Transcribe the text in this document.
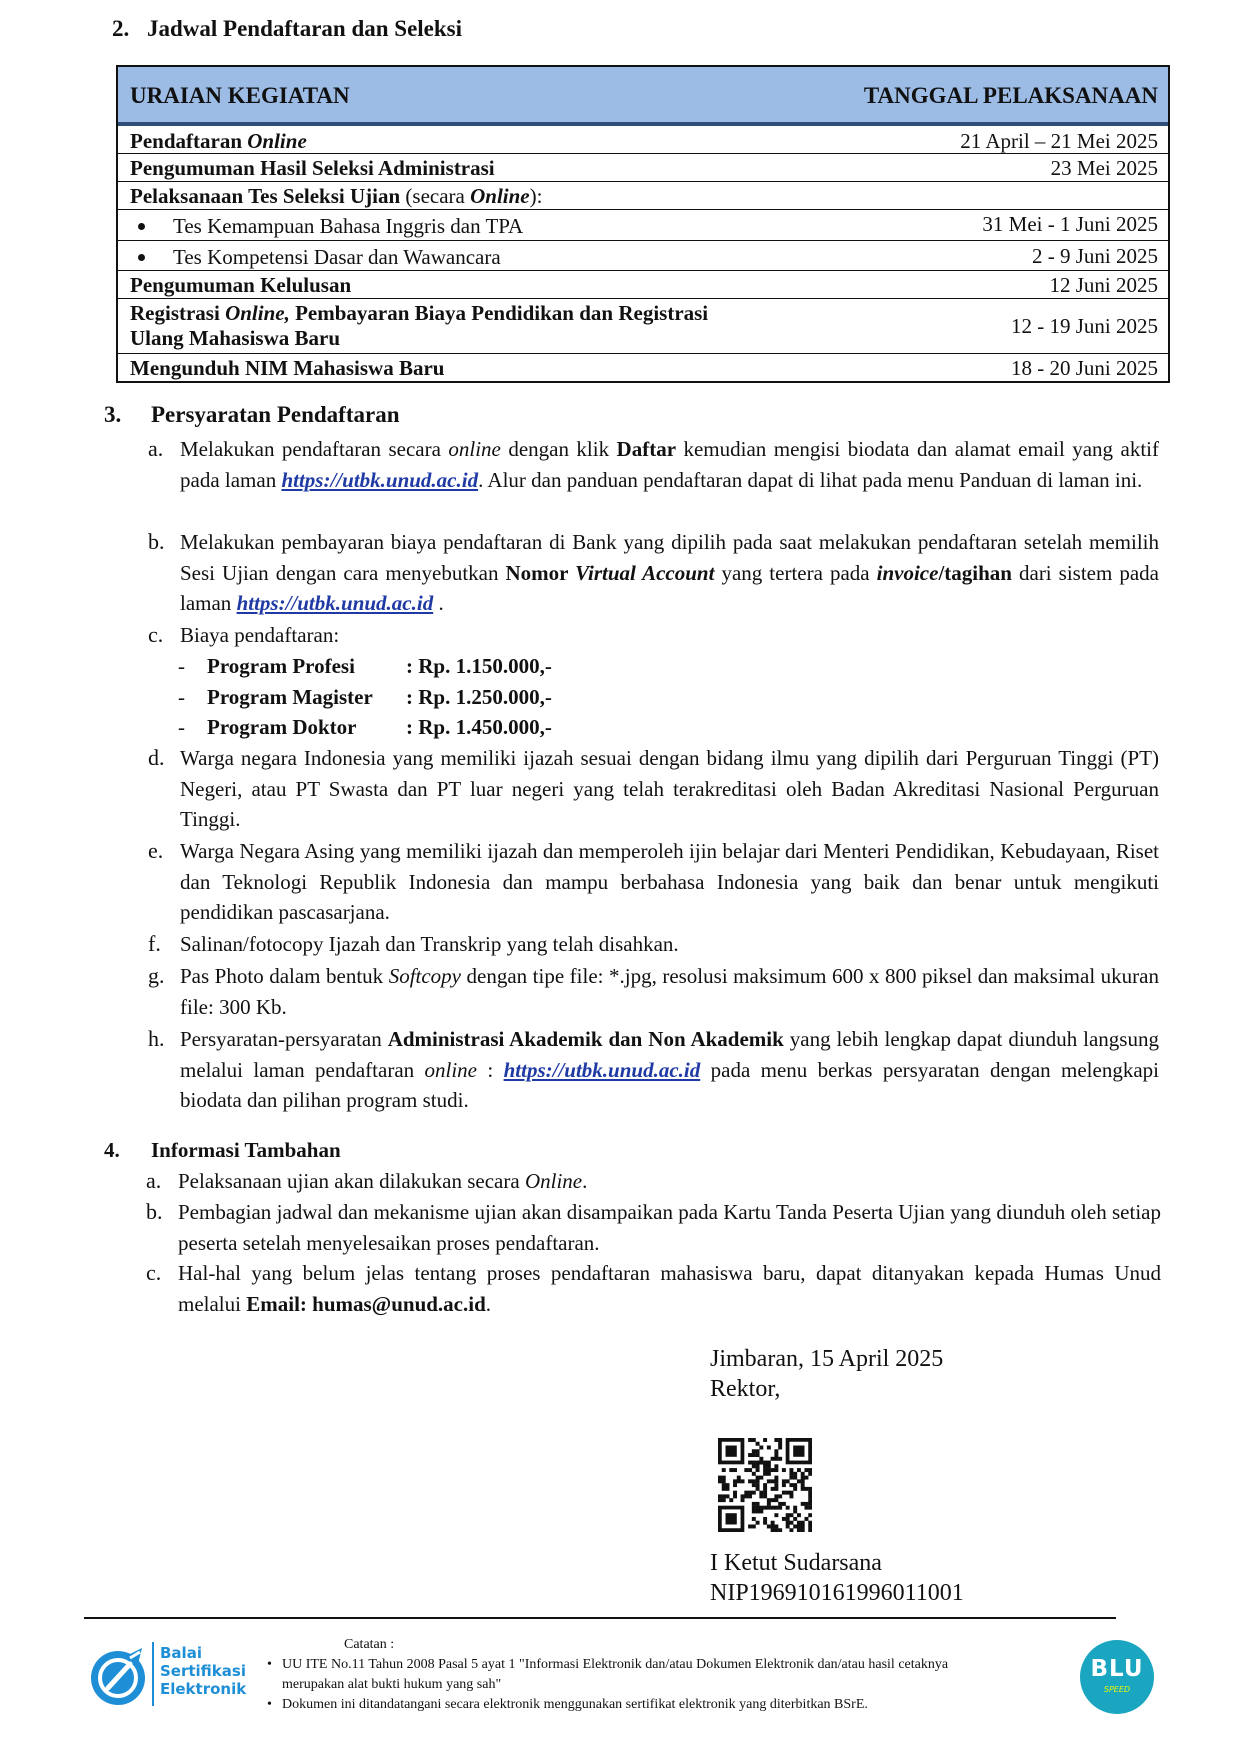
2. Jadwal Pendaftaran dan Seleksi
URAIAN KEGIATAN	TANGGAL PELAKSANAAN
Pendaftaran Online	21 April – 21 Mei 2025
Pengumuman Hasil Seleksi Administrasi	23 Mei 2025
Pelaksanaan Tes Seleksi Ujian (secara Online):
Tes Kemampuan Bahasa Inggris dan TPA	31 Mei - 1 Juni 2025
Tes Kompetensi Dasar dan Wawancara	2 - 9 Juni 2025
Pengumuman Kelulusan	12 Juni 2025
Registrasi Online, Pembayaran Biaya Pendidikan dan Registrasi
Ulang Mahasiswa Baru	12 - 19 Juni 2025
Mengunduh NIM Mahasiswa Baru	18 - 20 Juni 2025
3. Persyaratan Pendaftaran
a. Melakukan pendaftaran secara online dengan klik Daftar kemudian mengisi biodata dan alamat email yang aktif pada laman https://utbk.unud.ac.id. Alur dan panduan pendaftaran dapat di lihat pada menu Panduan di laman ini.
b. Melakukan pembayaran biaya pendaftaran di Bank yang dipilih pada saat melakukan pendaftaran setelah memilih Sesi Ujian dengan cara menyebutkan Nomor Virtual Account yang tertera pada invoice/tagihan dari sistem pada laman https://utbk.unud.ac.id .
c. Biaya pendaftaran:
- Program Profesi : Rp. 1.150.000,-
- Program Magister : Rp. 1.250.000,-
- Program Doktor : Rp. 1.450.000,-
d. Warga negara Indonesia yang memiliki ijazah sesuai dengan bidang ilmu yang dipilih dari Perguruan Tinggi (PT) Negeri, atau PT Swasta dan PT luar negeri yang telah terakreditasi oleh Badan Akreditasi Nasional Perguruan Tinggi.
e. Warga Negara Asing yang memiliki ijazah dan memperoleh ijin belajar dari Menteri Pendidikan, Kebudayaan, Riset dan Teknologi Republik Indonesia dan mampu berbahasa Indonesia yang baik dan benar untuk mengikuti pendidikan pascasarjana.
f. Salinan/fotocopy Ijazah dan Transkrip yang telah disahkan.
g. Pas Photo dalam bentuk Softcopy dengan tipe file: *.jpg, resolusi maksimum 600 x 800 piksel dan maksimal ukuran file: 300 Kb.
h. Persyaratan-persyaratan Administrasi Akademik dan Non Akademik yang lebih lengkap dapat diunduh langsung melalui laman pendaftaran online : https://utbk.unud.ac.id pada menu berkas persyaratan dengan melengkapi biodata dan pilihan program studi.
4. Informasi Tambahan
a. Pelaksanaan ujian akan dilakukan secara Online.
b. Pembagian jadwal dan mekanisme ujian akan disampaikan pada Kartu Tanda Peserta Ujian yang diunduh oleh setiap peserta setelah menyelesaikan proses pendaftaran.
c. Hal-hal yang belum jelas tentang proses pendaftaran mahasiswa baru, dapat ditanyakan kepada Humas Unud melalui Email: humas@unud.ac.id.
Jimbaran, 15 April 2025
Rektor,
I Ketut Sudarsana
NIP196910161996011001
Balai
Sertifikasi
Elektronik
Catatan :
• UU ITE No.11 Tahun 2008 Pasal 5 ayat 1 "Informasi Elektronik dan/atau Dokumen Elektronik dan/atau hasil cetaknya
merupakan alat bukti hukum yang sah"
• Dokumen ini ditandatangani secara elektronik menggunakan sertifikat elektronik yang diterbitkan BSrE.
BLU
SPEED
